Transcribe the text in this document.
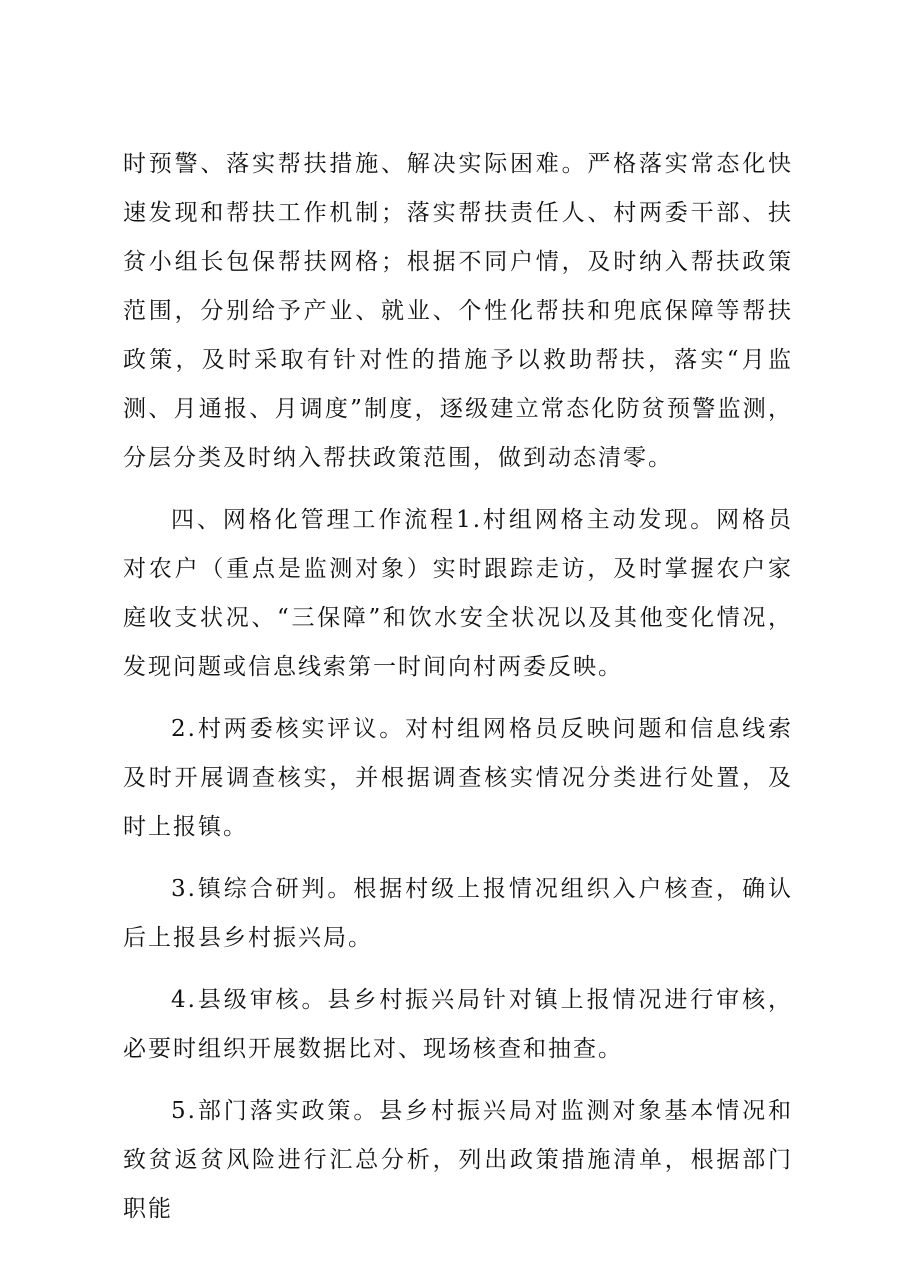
时预警、落实帮扶措施、解决实际困难。严格落实常态化快速发现和帮扶工作机制；落实帮扶责任人、村两委干部、扶贫小组长包保帮扶网格；根据不同户情，及时纳入帮扶政策范围，分别给予产业、就业、个性化帮扶和兜底保障等帮扶政策，及时采取有针对性的措施予以救助帮扶，落实“月监测、月通报、月调度”制度，逐级建立常态化防贫预警监测，分层分类及时纳入帮扶政策范围，做到动态清零。

四、网格化管理工作流程1.村组网格主动发现。网格员对农户（重点是监测对象）实时跟踪走访，及时掌握农户家庭收支状况、“三保障”和饮水安全状况以及其他变化情况，发现问题或信息线索第一时间向村两委反映。

2.村两委核实评议。对村组网格员反映问题和信息线索及时开展调查核实，并根据调查核实情况分类进行处置，及时上报镇。

3.镇综合研判。根据村级上报情况组织入户核查，确认后上报县乡村振兴局。

4.县级审核。县乡村振兴局针对镇上报情况进行审核，必要时组织开展数据比对、现场核查和抽查。

5.部门落实政策。县乡村振兴局对监测对象基本情况和致贫返贫风险进行汇总分析，列出政策措施清单，根据部门职能
